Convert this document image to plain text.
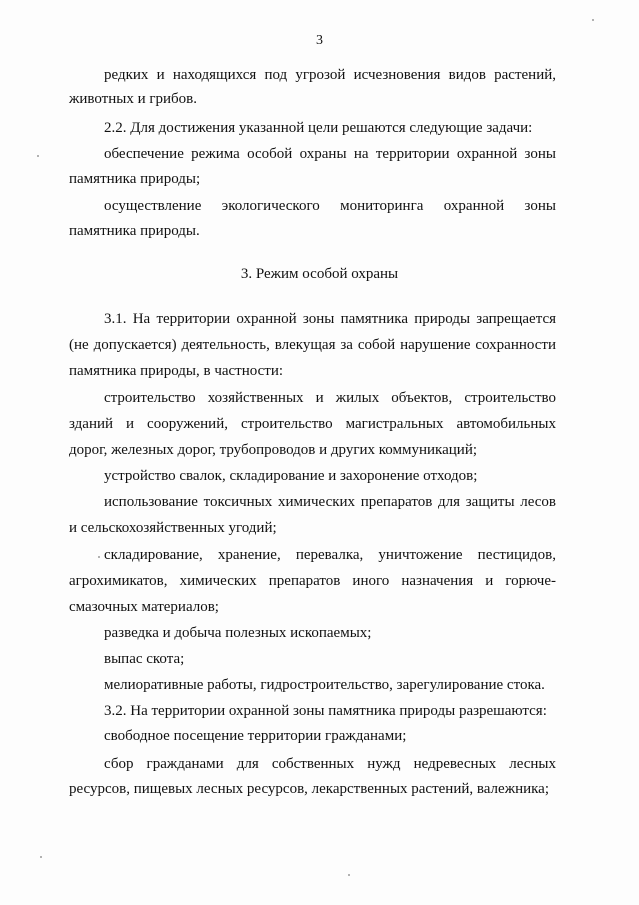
3
редких и находящихся под угрозой исчезновения видов растений,
животных и грибов.
2.2. Для достижения указанной цели решаются следующие задачи:
обеспечение режима особой охраны на территории охранной зоны
памятника природы;
осуществление экологического мониторинга охранной зоны
памятника природы.
3. Режим особой охраны
3.1. На территории охранной зоны памятника природы запрещается
(не допускается) деятельность, влекущая за собой нарушение сохранности
памятника природы, в частности:
строительство хозяйственных и жилых объектов, строительство
зданий и сооружений, строительство магистральных автомобильных
дорог, железных дорог, трубопроводов и других коммуникаций;
устройство свалок, складирование и захоронение отходов;
использование токсичных химических препаратов для защиты лесов
и сельскохозяйственных угодий;
складирование, хранение, перевалка, уничтожение пестицидов,
агрохимикатов, химических препаратов иного назначения и горюче-
смазочных материалов;
разведка и добыча полезных ископаемых;
выпас скота;
мелиоративные работы, гидростроительство, зарегулирование стока.
3.2. На территории охранной зоны памятника природы разрешаются:
свободное посещение территории гражданами;
сбор гражданами для собственных нужд недревесных лесных
ресурсов, пищевых лесных ресурсов, лекарственных растений, валежника;
